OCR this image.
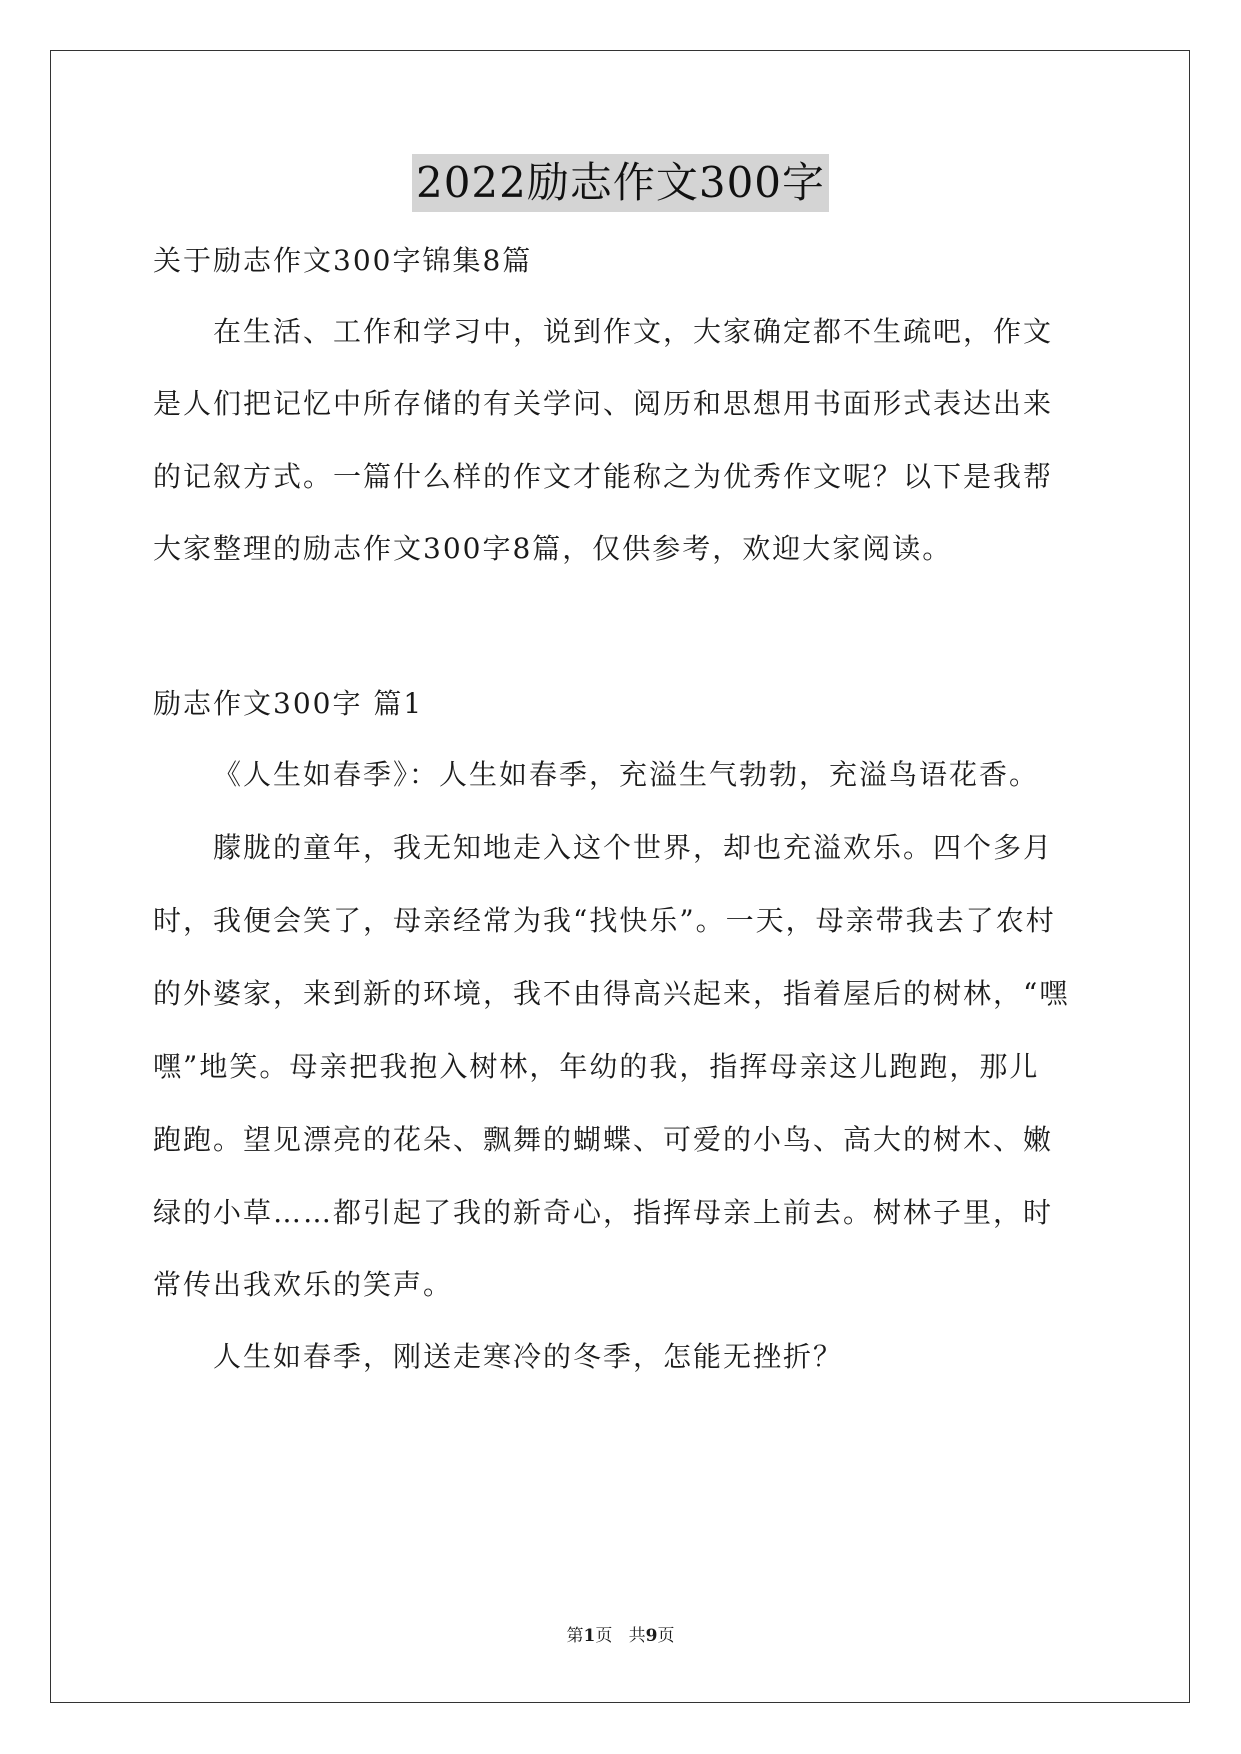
2022励志作文300字
关于励志作文300字锦集8篇
在生活、工作和学习中，说到作文，大家确定都不生疏吧，作文
是人们把记忆中所存储的有关学问、阅历和思想用书面形式表达出来
的记叙方式。一篇什么样的作文才能称之为优秀作文呢？以下是我帮
大家整理的励志作文300字8篇，仅供参考，欢迎大家阅读。
励志作文300字 篇1
《人生如春季》：人生如春季，充溢生气勃勃，充溢鸟语花香。
朦胧的童年，我无知地走入这个世界，却也充溢欢乐。四个多月
时，我便会笑了，母亲经常为我“找快乐”。一天，母亲带我去了农村
的外婆家，来到新的环境，我不由得高兴起来，指着屋后的树林，“嘿
嘿”地笑。母亲把我抱入树林，年幼的我，指挥母亲这儿跑跑，那儿
跑跑。望见漂亮的花朵、飘舞的蝴蝶、可爱的小鸟、高大的树木、嫩
绿的小草……都引起了我的新奇心，指挥母亲上前去。树林子里，时
常传出我欢乐的笑声。
人生如春季，刚送走寒冷的冬季，怎能无挫折？
第1页   共9页
